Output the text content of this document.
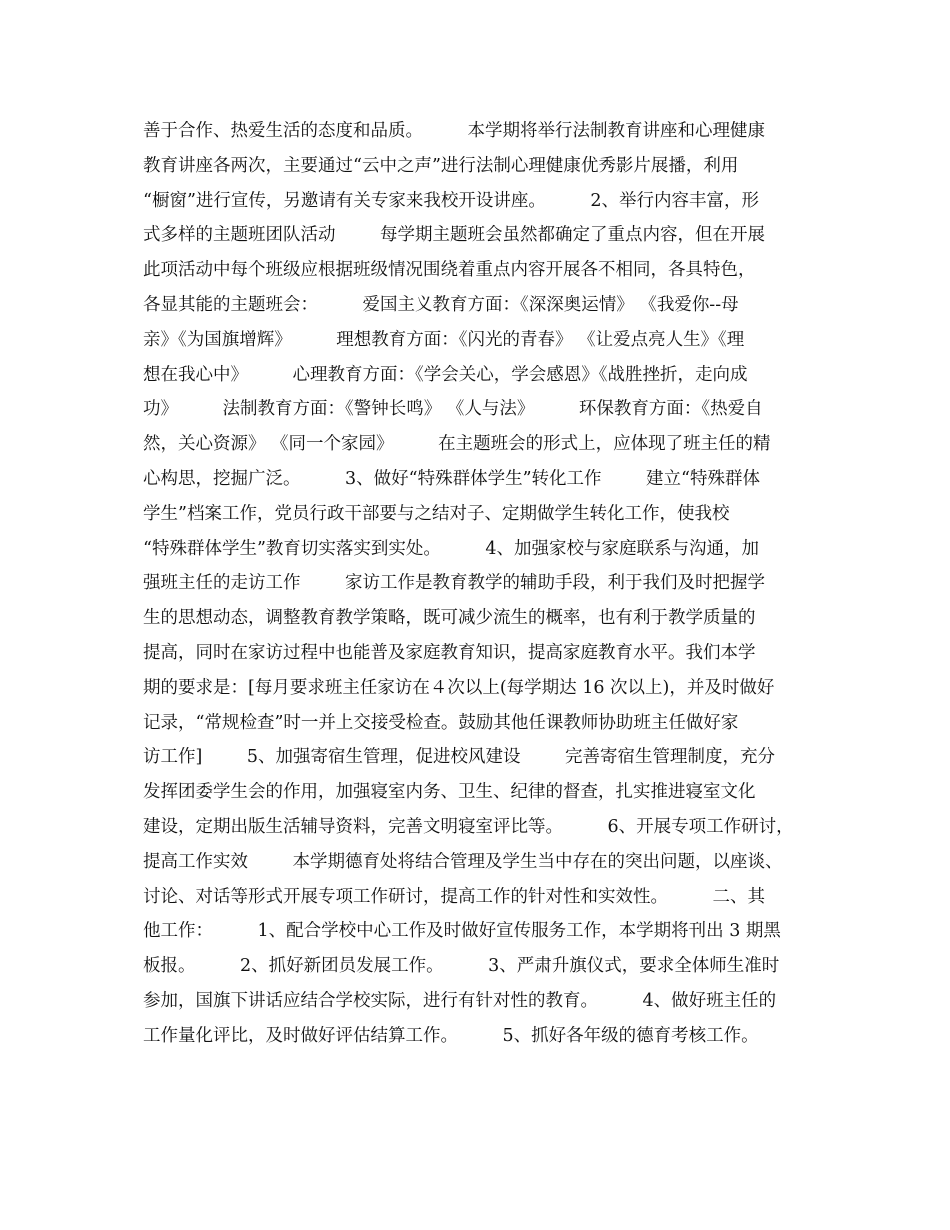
善于合作、热爱生活的态度和品质。        本学期将举行法制教育讲座和心理健康
教育讲座各两次，主要通过“云中之声”进行法制心理健康优秀影片展播，利用
“橱窗”进行宣传，另邀请有关专家来我校开设讲座。        2、举行内容丰富，形
式多样的主题班团队活动        每学期主题班会虽然都确定了重点内容，但在开展
此项活动中每个班级应根据班级情况围绕着重点内容开展各不相同，各具特色，
各显其能的主题班会：        爱国主义教育方面：《深深奥运情》 《我爱你--母
亲》《为国旗增辉》        理想教育方面：《闪光的青春》 《让爱点亮人生》《理
想在我心中》        心理教育方面：《学会关心，学会感恩》《战胜挫折，走向成
功》        法制教育方面：《警钟长鸣》 《人与法》        环保教育方面：《热爱自
然，关心资源》 《同一个家园》        在主题班会的形式上，应体现了班主任的精
心构思，挖掘广泛。        3、做好“特殊群体学生”转化工作        建立“特殊群体
学生”档案工作，党员行政干部要与之结对子、定期做学生转化工作，使我校
“特殊群体学生”教育切实落实到实处。        4、加强家校与家庭联系与沟通，加
强班主任的走访工作        家访工作是教育教学的辅助手段，利于我们及时把握学
生的思想动态，调整教育教学策略，既可减少流生的概率，也有利于教学质量的
提高，同时在家访过程中也能普及家庭教育知识，提高家庭教育水平。我们本学
期的要求是：[每月要求班主任家访在４次以上(每学期达 16 次以上)，并及时做好
记录，“常规检查”时一并上交接受检查。鼓励其他任课教师协助班主任做好家
访工作]        5、加强寄宿生管理，促进校风建设        完善寄宿生管理制度，充分
发挥团委学生会的作用，加强寝室内务、卫生、纪律的督查，扎实推进寝室文化
建设，定期出版生活辅导资料，完善文明寝室评比等。        6、开展专项工作研讨，
提高工作实效        本学期德育处将结合管理及学生当中存在的突出问题，以座谈、
讨论、对话等形式开展专项工作研讨，提高工作的针对性和实效性。        二、其
他工作：        1、配合学校中心工作及时做好宣传服务工作，本学期将刊出 3 期黑
板报。        2、抓好新团员发展工作。        3、严肃升旗仪式，要求全体师生准时
参加，国旗下讲话应结合学校实际，进行有针对性的教育。        4、做好班主任的
工作量化评比，及时做好评估结算工作。        5、抓好各年级的德育考核工作。
